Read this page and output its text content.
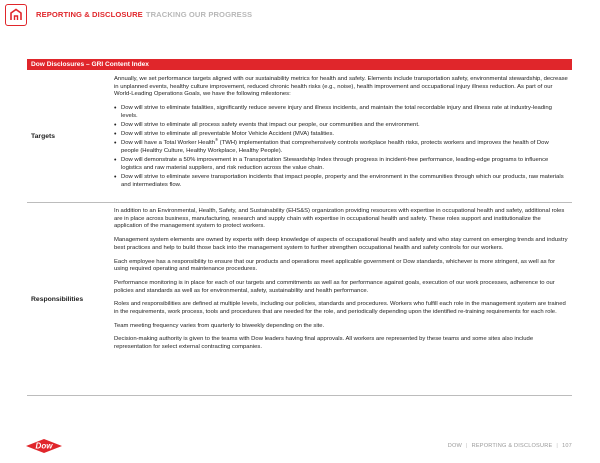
REPORTING & DISCLOSURE TRACKING OUR PROGRESS
Dow Disclosures – GRI Content Index
Targets

Annually, we set performance targets aligned with our sustainability metrics for health and safety. Elements include transportation safety, environmental stewardship, decrease in unplanned events, healthy culture improvement, reduced chronic health risks (e.g., noise), health improvement and occupational injury illness reduction. As part of our World-Leading Operations Goals, we have the following milestones:

• Dow will strive to eliminate fatalities, significantly reduce severe injury and illness incidents, and maintain the total recordable injury and illness rate at industry-leading levels.
• Dow will strive to eliminate all process safety events that impact our people, our communities and the environment.
• Dow will strive to eliminate all preventable Motor Vehicle Accident (MVA) fatalities.
• Dow will have a Total Worker Health® (TWH) implementation that comprehensively controls workplace health risks, protects workers and improves the health of Dow people (Healthy Culture, Healthy Workplace, Healthy People).
• Dow will demonstrate a 50% improvement in a Transportation Stewardship Index through progress in incident-free performance, leading-edge programs to influence logistics and raw material suppliers, and risk reduction across the value chain.
• Dow will strive to eliminate severe transportation incidents that impact people, property and the environment in the communities through which our products, raw materials and intermediates flow.
Responsibilities

In addition to an Environmental, Health, Safety, and Sustainability (EHS&S) organization providing resources with expertise in occupational health and safety, additional roles are in place across business, manufacturing, research and supply chain with expertise in occupational health and safety. These roles support and institutionalize the application of the management system to protect workers.

Management system elements are owned by experts with deep knowledge of aspects of occupational health and safety and who stay current on emerging trends and industry best practices and help to build those back into the management system to further strengthen occupational health and safety controls for our workers.

Each employee has a responsibility to ensure that our products and operations meet applicable government or Dow standards, whichever is more stringent, as well as for using required operating and maintenance procedures.

Performance monitoring is in place for each of our targets and commitments as well as for performance against goals, execution of our work processes, adherence to our policies and standards as well as for environmental, safety, sustainability and health performance.

Roles and responsibilities are defined at multiple levels, including our policies, standards and procedures. Workers who fulfill each role in the management system are trained in the requirements, work process, tools and procedures that are needed for the role, and periodically depending upon the identified re-training requirements for each role.

Team meeting frequency varies from quarterly to biweekly depending on the site.

Decision-making authority is given to the teams with Dow leaders having final approvals. All workers are represented by these teams and some sites also include representation for select external contracting companies.

Dow	DOW | REPORTING & DISCLOSURE | 107
